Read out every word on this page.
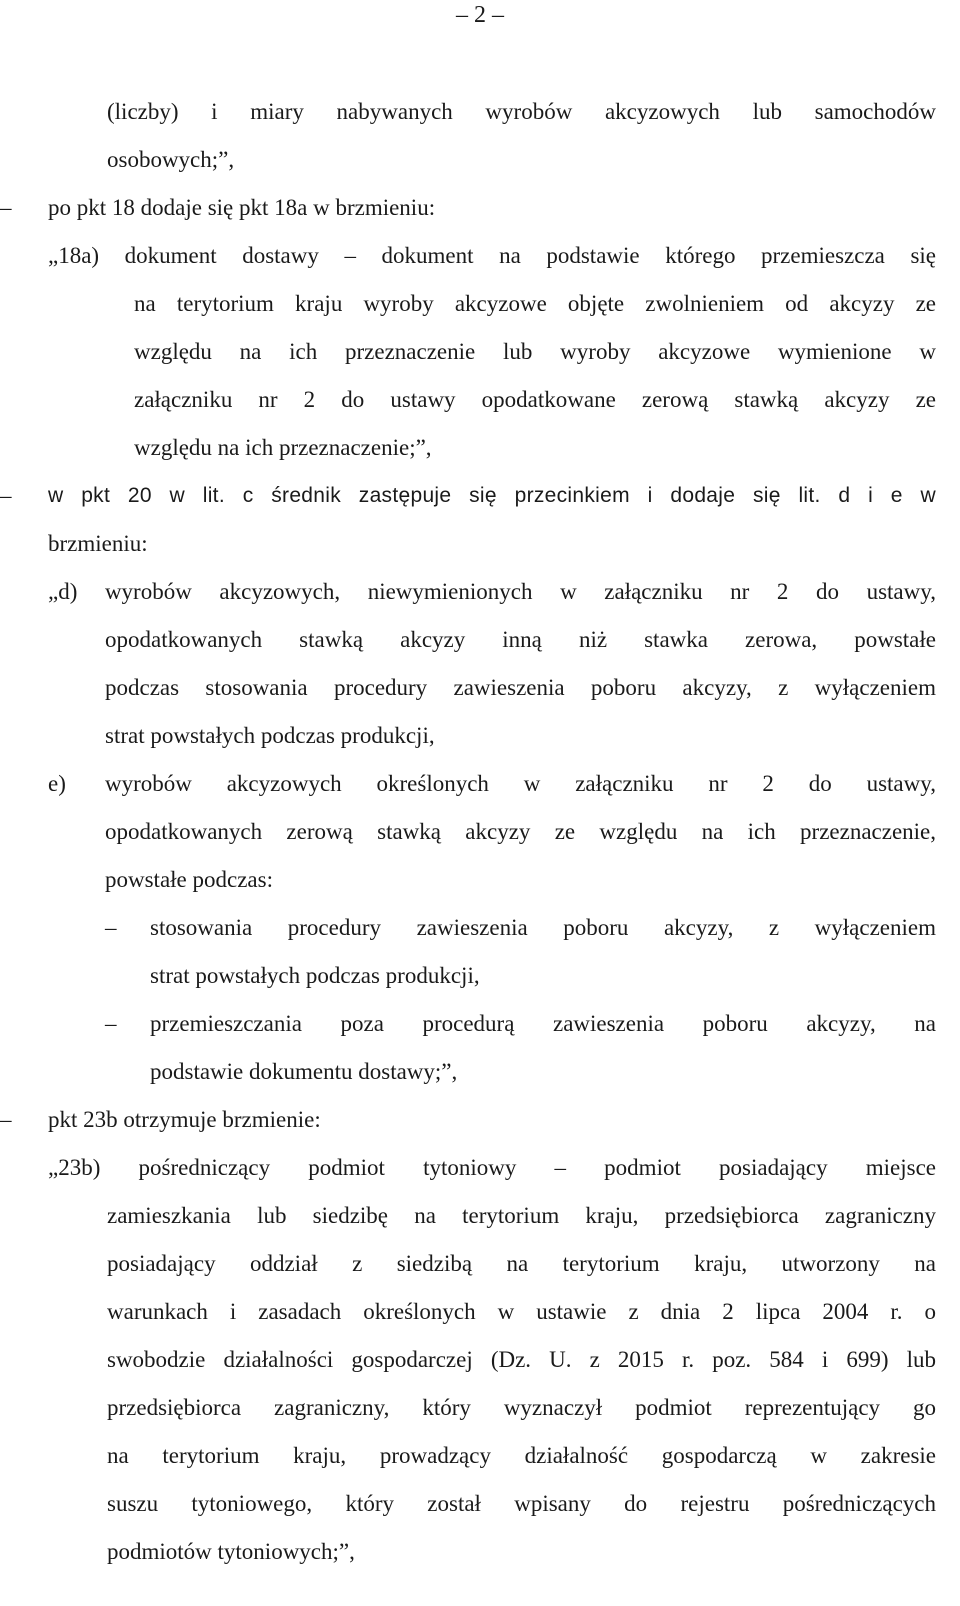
– 2 –
(liczby) i miary nabywanych wyrobów akcyzowych lub samochodów
osobowych;”,
– po pkt 18 dodaje się pkt 18a w brzmieniu:
„18a) dokument dostawy – dokument na podstawie którego przemieszcza się
na terytorium kraju wyroby akcyzowe objęte zwolnieniem od akcyzy ze
względu na ich przeznaczenie lub wyroby akcyzowe wymienione w
załączniku nr 2 do ustawy opodatkowane zerową stawką akcyzy ze
względu na ich przeznaczenie;”,
– w pkt 20 w lit. c średnik zastępuje się przecinkiem i dodaje się lit. d i e w
brzmieniu:
„d) wyrobów akcyzowych, niewymienionych w załączniku nr 2 do ustawy,
opodatkowanych stawką akcyzy inną niż stawka zerowa, powstałe
podczas stosowania procedury zawieszenia poboru akcyzy, z wyłączeniem
strat powstałych podczas produkcji,
e) wyrobów akcyzowych określonych w załączniku nr 2 do ustawy,
opodatkowanych zerową stawką akcyzy ze względu na ich przeznaczenie,
powstałe podczas:
– stosowania procedury zawieszenia poboru akcyzy, z wyłączeniem
strat powstałych podczas produkcji,
– przemieszczania poza procedurą zawieszenia poboru akcyzy, na
podstawie dokumentu dostawy;”,
– pkt 23b otrzymuje brzmienie:
„23b) pośredniczący podmiot tytoniowy – podmiot posiadający miejsce
zamieszkania lub siedzibę na terytorium kraju, przedsiębiorca zagraniczny
posiadający oddział z siedzibą na terytorium kraju, utworzony na
warunkach i zasadach określonych w ustawie z dnia 2 lipca 2004 r. o
swobodzie działalności gospodarczej (Dz. U. z 2015 r. poz. 584 i 699) lub
przedsiębiorca zagraniczny, który wyznaczył podmiot reprezentujący go
na terytorium kraju, prowadzący działalność gospodarczą w zakresie
suszu tytoniowego, który został wpisany do rejestru pośredniczących
podmiotów tytoniowych;”,
